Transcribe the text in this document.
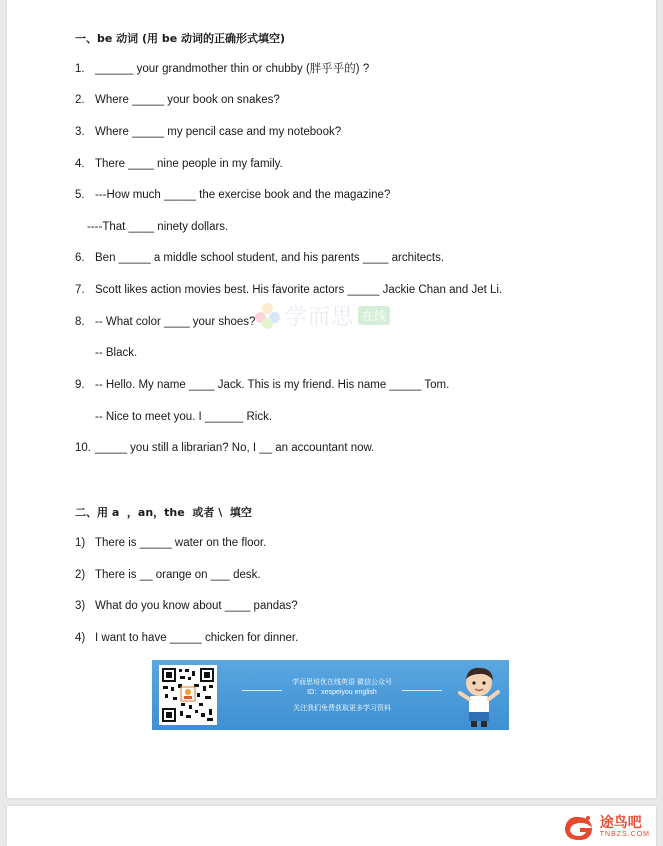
一、be 动词 (用 be 动词的正确形式填空)
1. ______ your grandmother thin or chubby (胖乎乎的) ?
2. Where _____ your book on snakes?
3. Where _____ my pencil case and my notebook?
4. There ____ nine people in my family.
5. ---How much _____ the exercise book and the magazine?
----That ____ ninety dollars.
6. Ben _____ a middle school student, and his parents ____ architects.
7. Scott likes action movies best. His favorite actors _____ Jackie Chan and Jet Li.
8. -- What color ____ your shoes?
-- Black.
9. -- Hello. My name ____ Jack. This is my friend. His name _____ Tom.
-- Nice to meet you. I ______ Rick.
10. _____ you still a librarian? No, I __ an accountant now.
二、用 a  ，an，the  或者 \  填空
1) There is _____ water on the floor.
2) There is __ orange on ___ desk.
3) What do you know about ____ pandas?
4) I want to have _____ chicken for dinner.
学而思 在线
学而思培优在线英语 微信公众号
ID：xespeiyou english
关注我们免费获取更多学习资料
途鸟吧
TNBZS.COM
